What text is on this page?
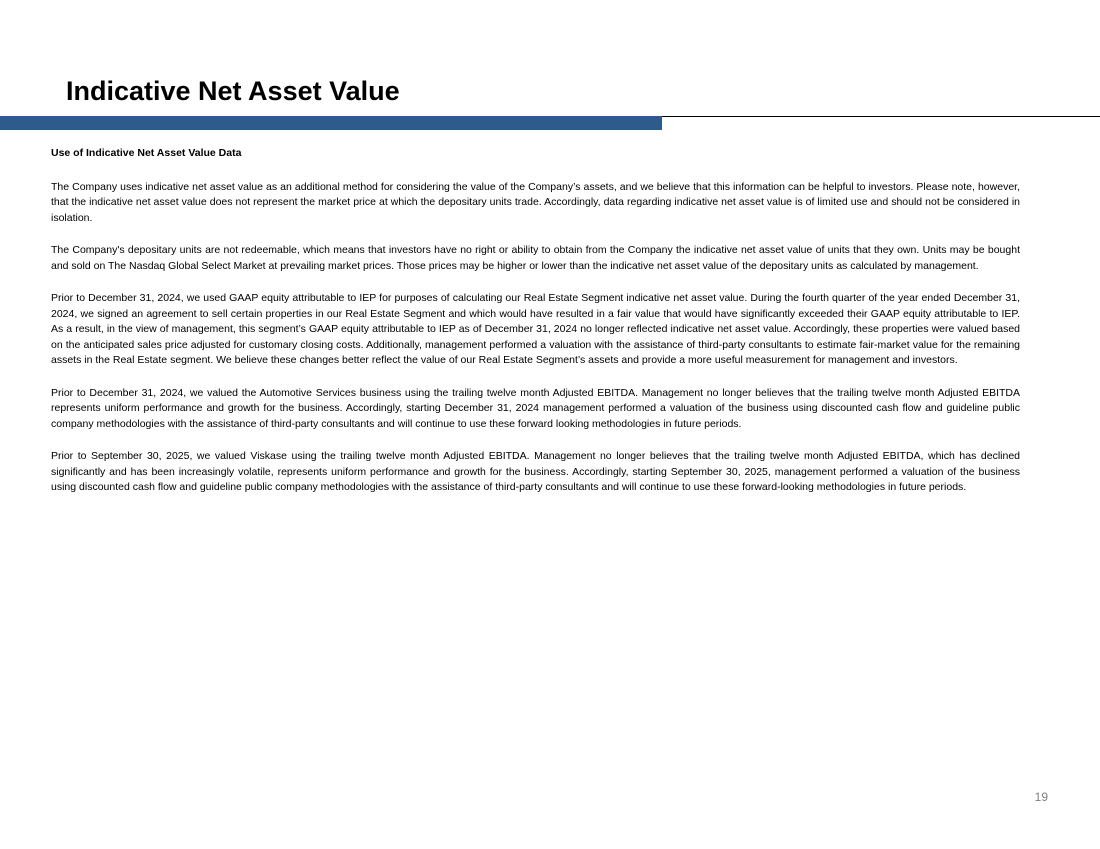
Indicative Net Asset Value
Use of Indicative Net Asset Value Data

The Company uses indicative net asset value as an additional method for considering the value of the Company’s assets, and we believe that this information can be helpful to investors. Please note, however, that the indicative net asset value does not represent the market price at which the depositary units trade. Accordingly, data regarding indicative net asset value is of limited use and should not be considered in isolation.

The Company's depositary units are not redeemable, which means that investors have no right or ability to obtain from the Company the indicative net asset value of units that they own. Units may be bought and sold on The Nasdaq Global Select Market at prevailing market prices. Those prices may be higher or lower than the indicative net asset value of the depositary units as calculated by management.

Prior to December 31, 2024, we used GAAP equity attributable to IEP for purposes of calculating our Real Estate Segment indicative net asset value. During the fourth quarter of the year ended December 31, 2024, we signed an agreement to sell certain properties in our Real Estate Segment and which would have resulted in a fair value that would have significantly exceeded their GAAP equity attributable to IEP. As a result, in the view of management, this segment’s GAAP equity attributable to IEP as of December 31, 2024 no longer reflected indicative net asset value. Accordingly, these properties were valued based on the anticipated sales price adjusted for customary closing costs. Additionally, management performed a valuation with the assistance of third-party consultants to estimate fair-market value for the remaining assets in the Real Estate segment. We believe these changes better reflect the value of our Real Estate Segment’s assets and provide a more useful measurement for management and investors.

Prior to December 31, 2024, we valued the Automotive Services business using the trailing twelve month Adjusted EBITDA. Management no longer believes that the trailing twelve month Adjusted EBITDA represents uniform performance and growth for the business. Accordingly, starting December 31, 2024 management performed a valuation of the business using discounted cash flow and guideline public company methodologies with the assistance of third-party consultants and will continue to use these forward looking methodologies in future periods.

Prior to September 30, 2025, we valued Viskase using the trailing twelve month Adjusted EBITDA. Management no longer believes that the trailing twelve month Adjusted EBITDA, which has declined significantly and has been increasingly volatile, represents uniform performance and growth for the business. Accordingly, starting September 30, 2025, management performed a valuation of the business using discounted cash flow and guideline public company methodologies with the assistance of third-party consultants and will continue to use these forward-looking methodologies in future periods.

19
